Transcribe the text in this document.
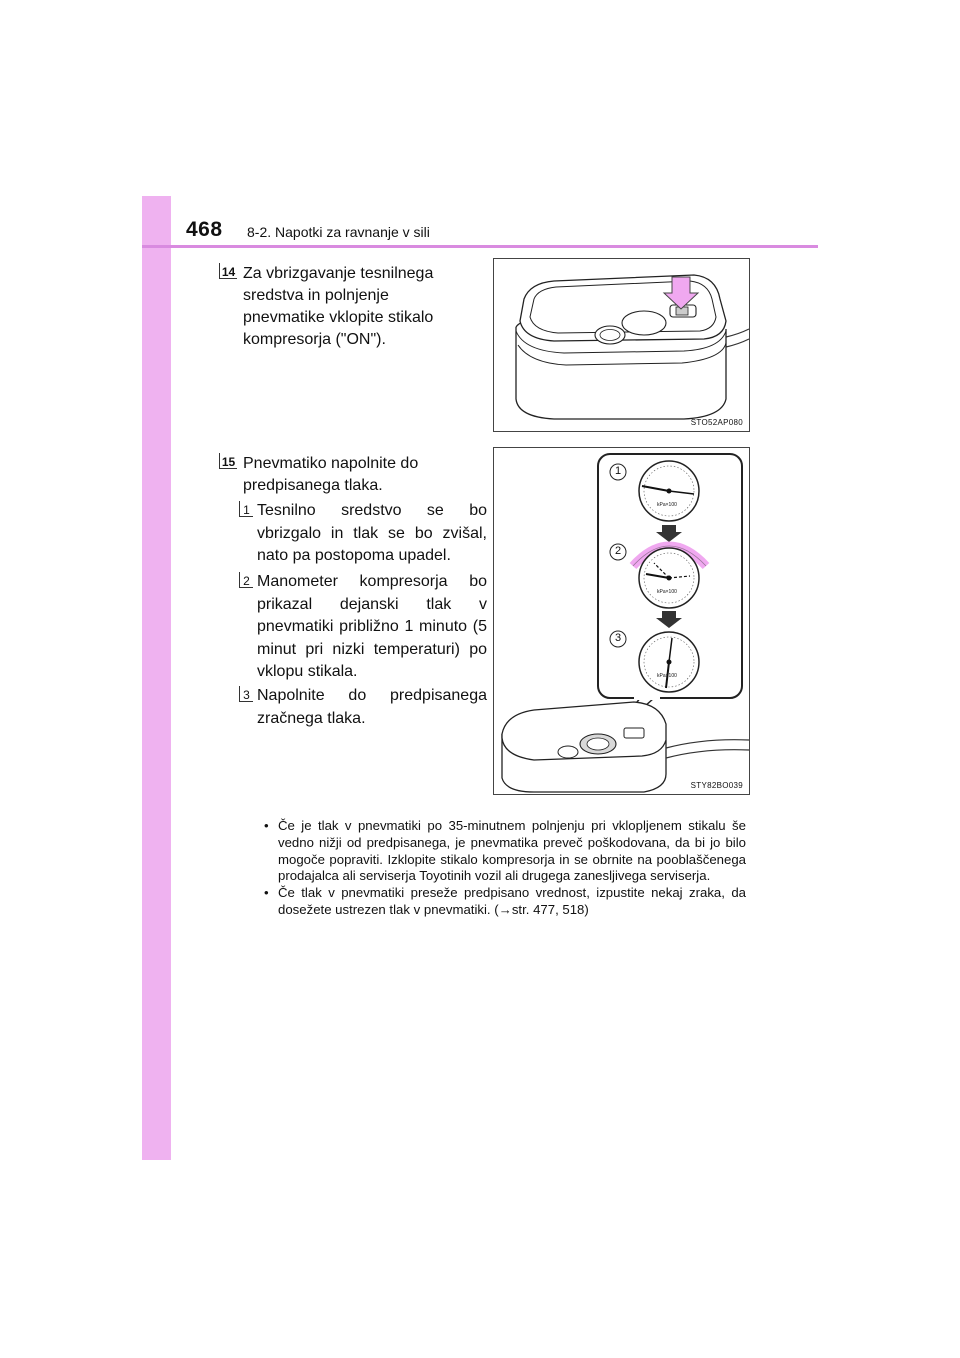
468 8-2. Napotki za ravnanje v sili
14 Za vbrizgavanje tesnilnega
sredstva in polnjenje
pnevmatike vklopite stikalo
kompresorja ("ON").
STO52AP080
15 Pnevmatiko napolnite do
predpisanega tlaka.
1 Tesnilno sredstvo se bo vbrizgalo in tlak se bo zvišal, nato pa postopoma upadel.
2 Manometer kompresorja bo prikazal dejanski tlak v pnevmatiki približno 1 minuto (5 minut pri nizki temperaturi) po vklopu stikala.
3 Napolnite do predpisanega zračnega tlaka.
1
2
3
kPa×100
kPa×100
kPa×100
STY82BO039
• Če je tlak v pnevmatiki po 35-minutnem polnjenju pri vklopljenem stikalu še vedno nižji od predpisanega, je pnevmatika preveč poškodovana, da bi jo bilo mogoče popraviti. Izklopite stikalo kompresorja in se obrnite na pooblaščenega prodajalca ali serviserja Toyotinih vozil ali drugega zanesljivega serviserja.
• Če tlak v pnevmatiki preseže predpisano vrednost, izpustite nekaj zraka, da dosežete ustrezen tlak v pnevmatiki. (→str. 477, 518)
